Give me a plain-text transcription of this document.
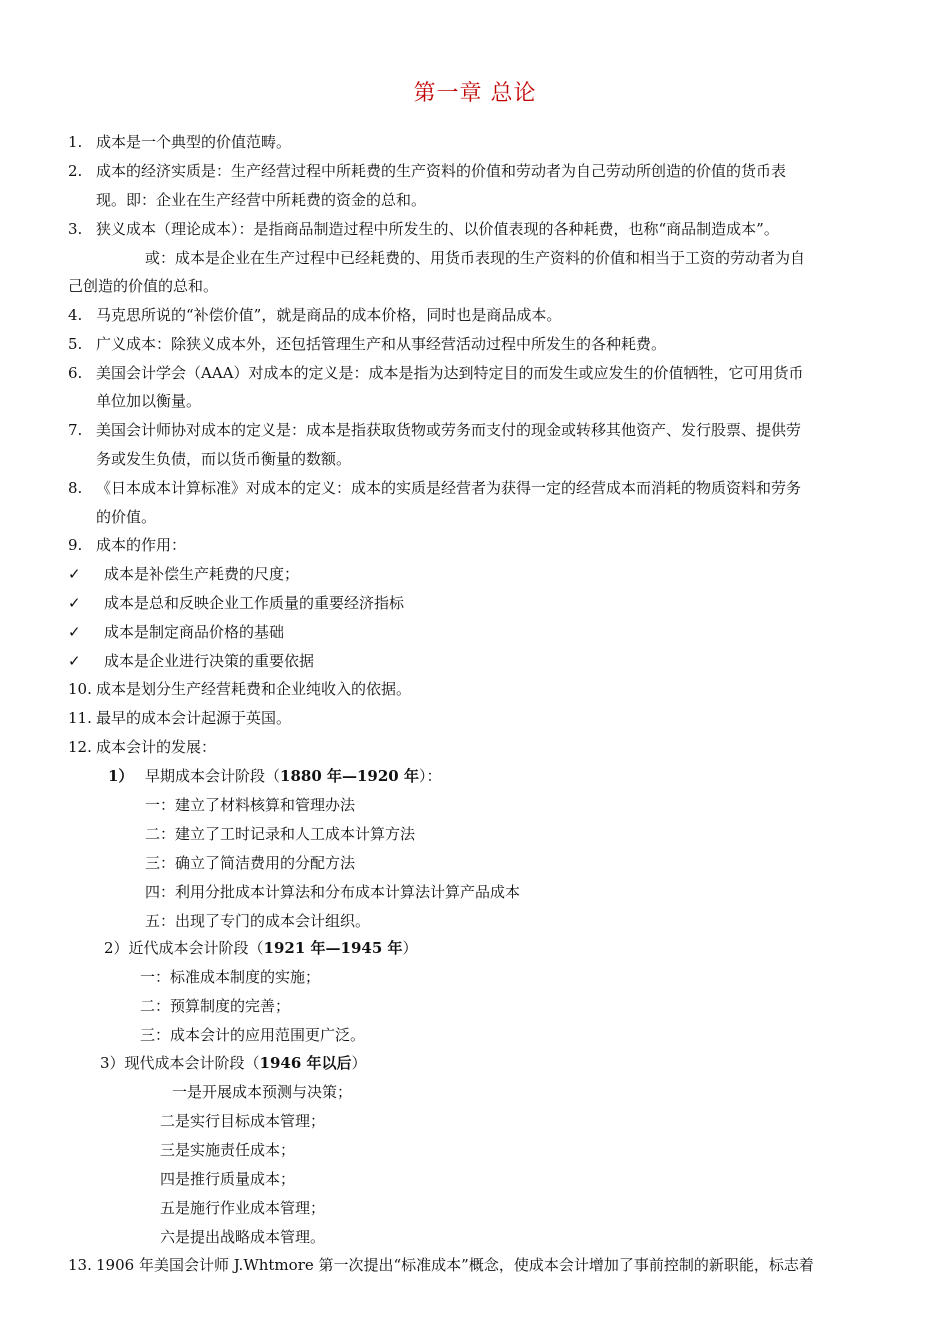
第一章 总论
1. 成本是一个典型的价值范畴。
2. 成本的经济实质是：生产经营过程中所耗费的生产资料的价值和劳动者为自己劳动所创造的价值的货币表
现。即：企业在生产经营中所耗费的资金的总和。
3. 狭义成本（理论成本）：是指商品制造过程中所发生的、以价值表现的各种耗费，也称“商品制造成本”。
或：成本是企业在生产过程中已经耗费的、用货币表现的生产资料的价值和相当于工资的劳动者为自
己创造的价值的总和。
4. 马克思所说的“补偿价值”，就是商品的成本价格，同时也是商品成本。
5. 广义成本：除狭义成本外，还包括管理生产和从事经营活动过程中所发生的各种耗费。
6. 美国会计学会（AAA）对成本的定义是：成本是指为达到特定目的而发生或应发生的价值牺牲，它可用货币
单位加以衡量。
7. 美国会计师协对成本的定义是：成本是指获取货物或劳务而支付的现金或转移其他资产、发行股票、提供劳
务或发生负债，而以货币衡量的数额。
8. 《日本成本计算标准》对成本的定义：成本的实质是经营者为获得一定的经营成本而消耗的物质资料和劳务
的价值。
9. 成本的作用：
✓ 成本是补偿生产耗费的尺度；
✓ 成本是总和反映企业工作质量的重要经济指标
✓ 成本是制定商品价格的基础
✓ 成本是企业进行决策的重要依据
10. 成本是划分生产经营耗费和企业纯收入的依据。
11. 最早的成本会计起源于英国。
12. 成本会计的发展：
1） 早期成本会计阶段（1880 年—1920 年）：
一：建立了材料核算和管理办法
二：建立了工时记录和人工成本计算方法
三：确立了简洁费用的分配方法
四：利用分批成本计算法和分布成本计算法计算产品成本
五：出现了专门的成本会计组织。
2）近代成本会计阶段（1921 年—1945 年）
一：标准成本制度的实施；
二：预算制度的完善；
三：成本会计的应用范围更广泛。
3）现代成本会计阶段（1946 年以后）
一是开展成本预测与决策；
二是实行目标成本管理；
三是实施责任成本；
四是推行质量成本；
五是施行作业成本管理；
六是提出战略成本管理。
13. 1906 年美国会计师 J.Whtmore 第一次提出“标准成本”概念，使成本会计增加了事前控制的新职能，标志着
